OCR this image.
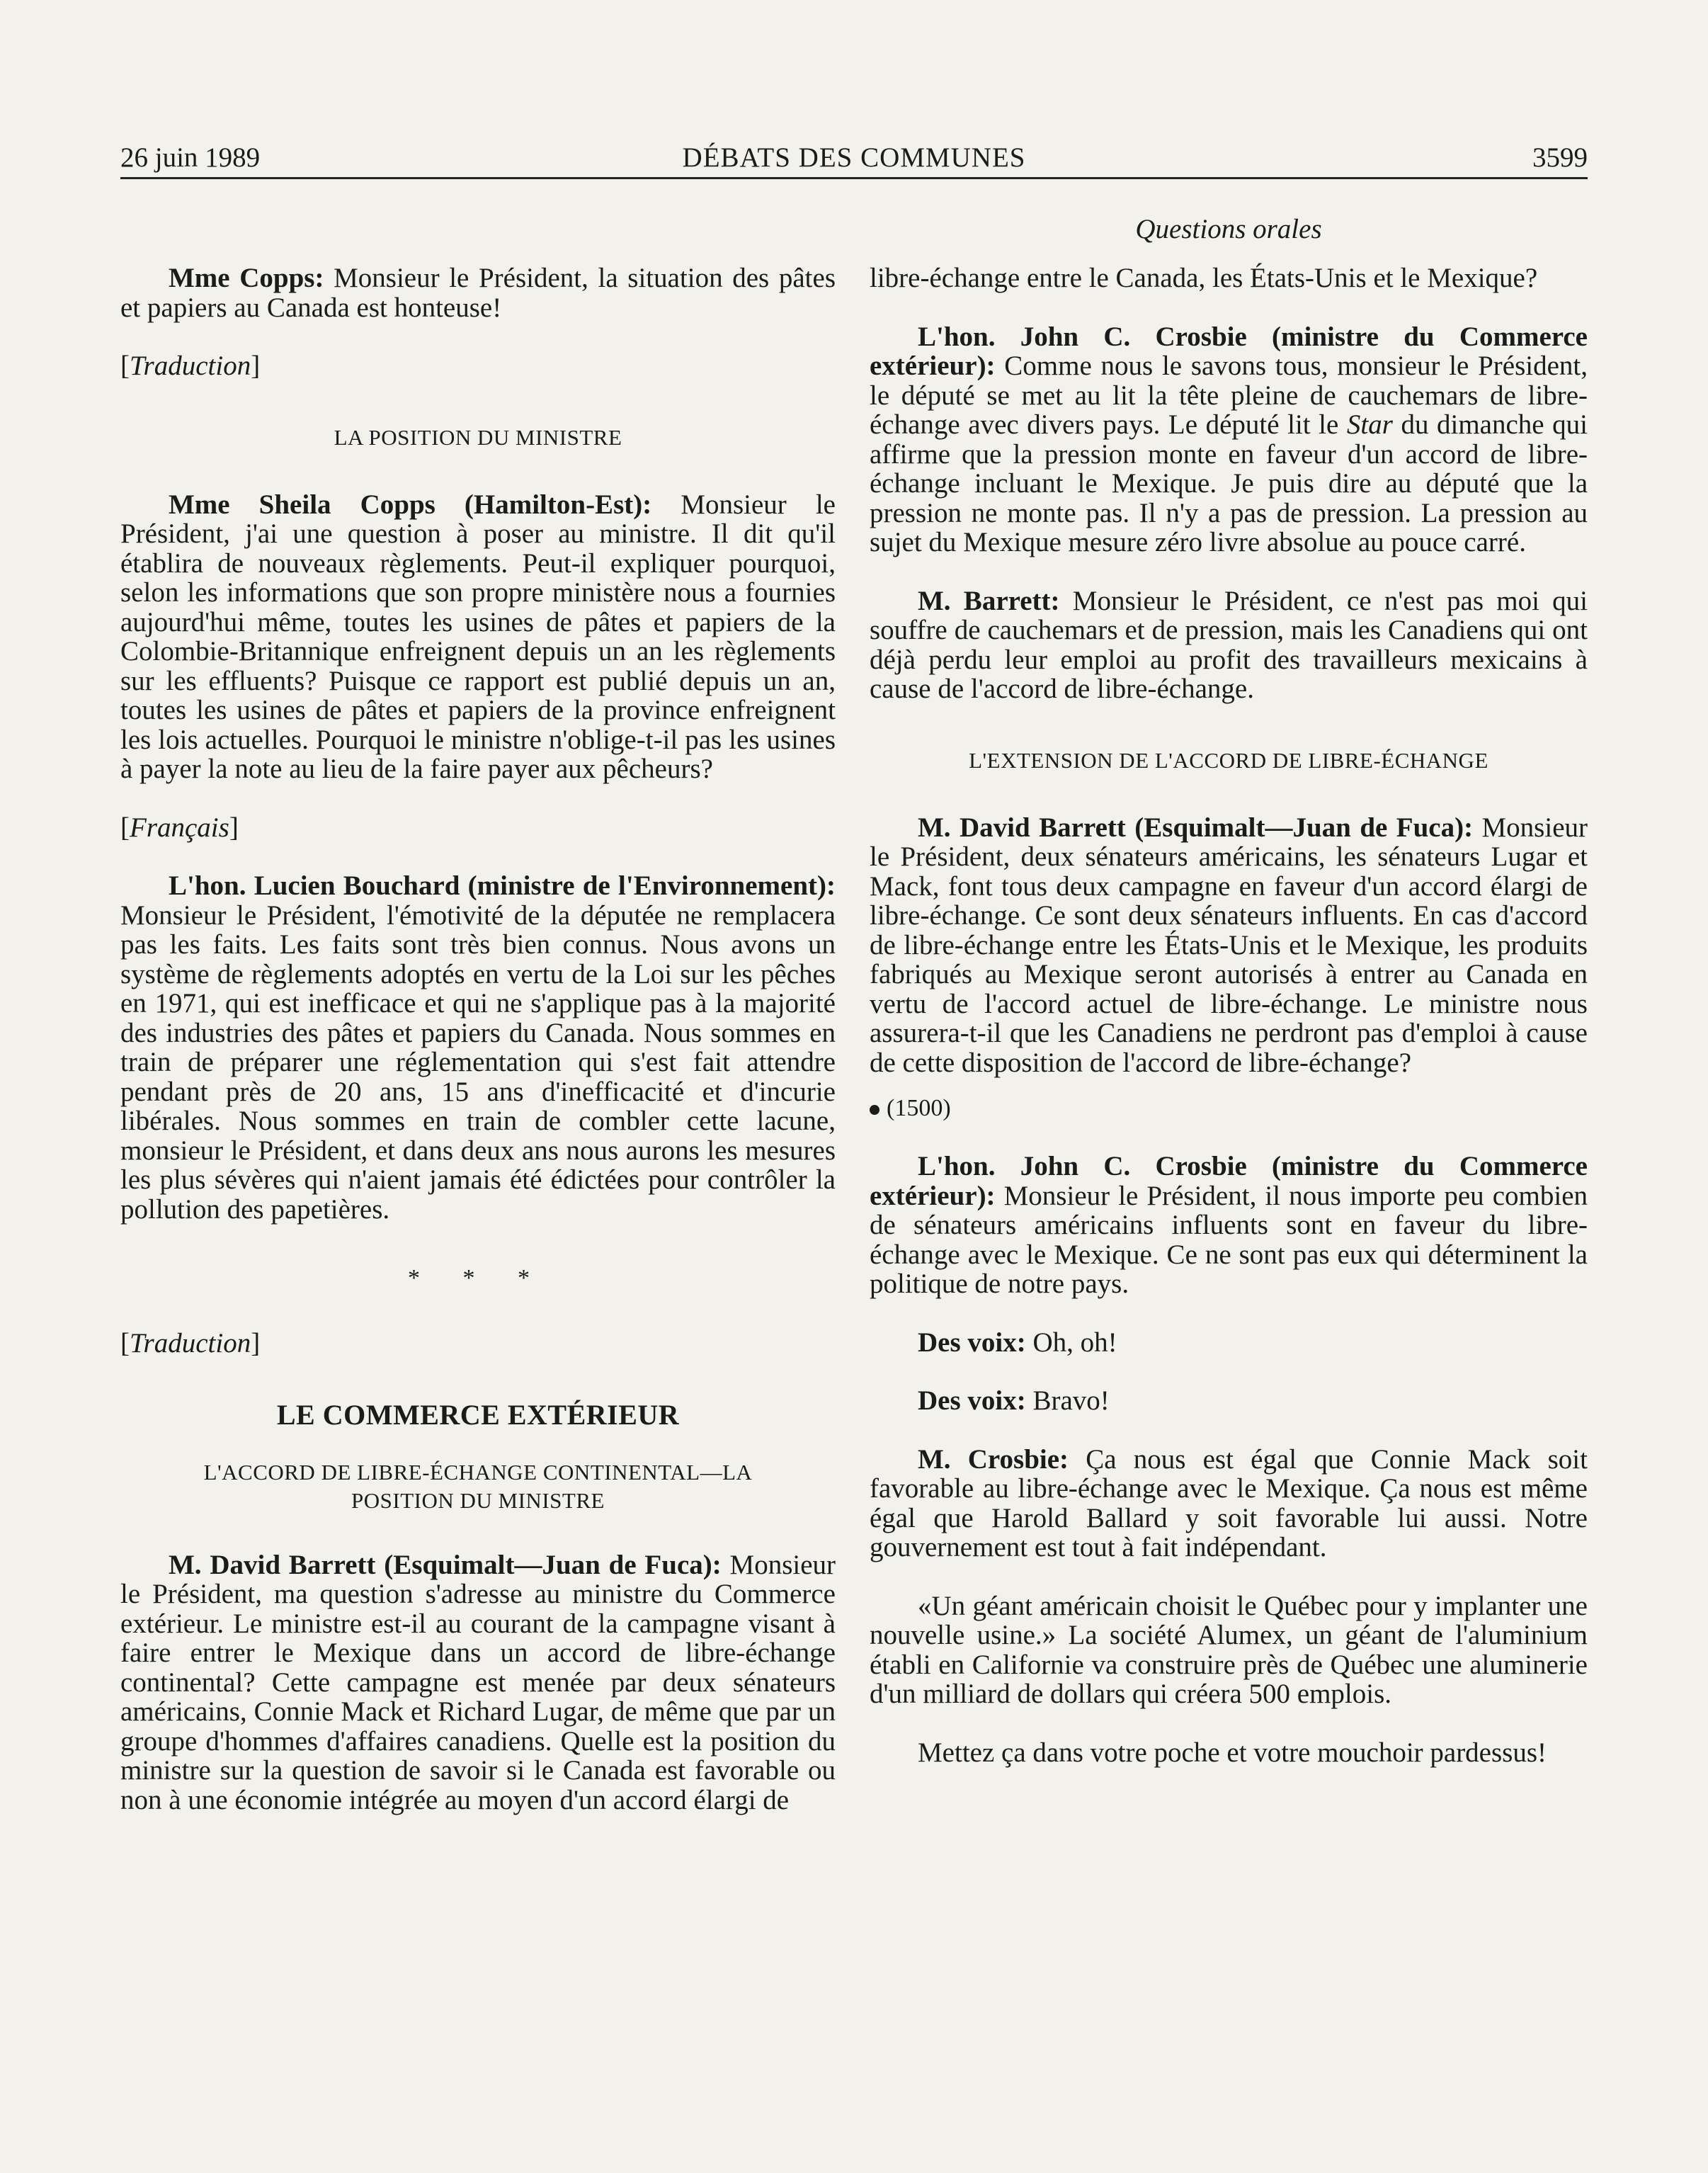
26 juin 1989	DÉBATS DES COMMUNES	3599
Questions orales

Mme Copps: Monsieur le Président, la situation des pâtes et papiers au Canada est honteuse!

[Traduction]
LA POSITION DU MINISTRE

Mme Sheila Copps (Hamilton-Est): Monsieur le Président, j'ai une question à poser au ministre. Il dit qu'il établira de nouveaux règlements. Peut-il expliquer pourquoi, selon les informations que son propre ministère nous a fournies aujourd'hui même, toutes les usines de pâtes et papiers de la Colombie-Britannique enfreignent depuis un an les règlements sur les effluents? Puisque ce rapport est publié depuis un an, toutes les usines de pâtes et papiers de la province enfreignent les lois actuelles. Pourquoi le ministre n'oblige-t-il pas les usines à payer la note au lieu de la faire payer aux pêcheurs?

[Français]

L'hon. Lucien Bouchard (ministre de l'Environnement): Monsieur le Président, l'émotivité de la députée ne remplacera pas les faits. Les faits sont très bien connus. Nous avons un système de règlements adoptés en vertu de la Loi sur les pêches en 1971, qui est inefficace et qui ne s'applique pas à la majorité des industries des pâtes et papiers du Canada. Nous sommes en train de préparer une réglementation qui s'est fait attendre pendant près de 20 ans, 15 ans d'inefficacité et d'incurie libérales. Nous sommes en train de combler cette lacune, monsieur le Président, et dans deux ans nous aurons les mesures les plus sévères qui n'aient jamais été édictées pour contrôler la pollution des papetières.

* * *
[Traduction]
LE COMMERCE EXTÉRIEUR
L'ACCORD DE LIBRE-ÉCHANGE CONTINENTAL—LA
POSITION DU MINISTRE

M. David Barrett (Esquimalt—Juan de Fuca): Monsieur le Président, ma question s'adresse au ministre du Commerce extérieur. Le ministre est-il au courant de la campagne visant à faire entrer le Mexique dans un accord de libre-échange continental? Cette campagne est menée par deux sénateurs américains, Connie Mack et Richard Lugar, de même que par un groupe d'hommes d'affaires canadiens. Quelle est la position du ministre sur la question de savoir si le Canada est favorable ou non à une économie intégrée au moyen d'un accord élargi de

libre-échange entre le Canada, les États-Unis et le Mexique?

L'hon. John C. Crosbie (ministre du Commerce extérieur): Comme nous le savons tous, monsieur le Président, le député se met au lit la tête pleine de cauchemars de libre-échange avec divers pays. Le député lit le Star du dimanche qui affirme que la pression monte en faveur d'un accord de libre-échange incluant le Mexique. Je puis dire au député que la pression ne monte pas. Il n'y a pas de pression. La pression au sujet du Mexique mesure zéro livre absolue au pouce carré.

M. Barrett: Monsieur le Président, ce n'est pas moi qui souffre de cauchemars et de pression, mais les Canadiens qui ont déjà perdu leur emploi au profit des travailleurs mexicains à cause de l'accord de libre-échange.

L'EXTENSION DE L'ACCORD DE LIBRE-ÉCHANGE

M. David Barrett (Esquimalt—Juan de Fuca): Monsieur le Président, deux sénateurs américains, les sénateurs Lugar et Mack, font tous deux campagne en faveur d'un accord élargi de libre-échange. Ce sont deux sénateurs influents. En cas d'accord de libre-échange entre les États-Unis et le Mexique, les produits fabriqués au Mexique seront autorisés à entrer au Canada en vertu de l'accord actuel de libre-échange. Le ministre nous assurera-t-il que les Canadiens ne perdront pas d'emploi à cause de cette disposition de l'accord de libre-échange?

(1500)

L'hon. John C. Crosbie (ministre du Commerce extérieur): Monsieur le Président, il nous importe peu combien de sénateurs américains influents sont en faveur du libre-échange avec le Mexique. Ce ne sont pas eux qui déterminent la politique de notre pays.

Des voix: Oh, oh!

Des voix: Bravo!

M. Crosbie: Ça nous est égal que Connie Mack soit favorable au libre-échange avec le Mexique. Ça nous est même égal que Harold Ballard y soit favorable lui aussi. Notre gouvernement est tout à fait indépendant.

«Un géant américain choisit le Québec pour y implanter une nouvelle usine.» La société Alumex, un géant de l'aluminium établi en Californie va construire près de Québec une aluminerie d'un milliard de dollars qui créera 500 emplois.

Mettez ça dans votre poche et votre mouchoir pardessus!
